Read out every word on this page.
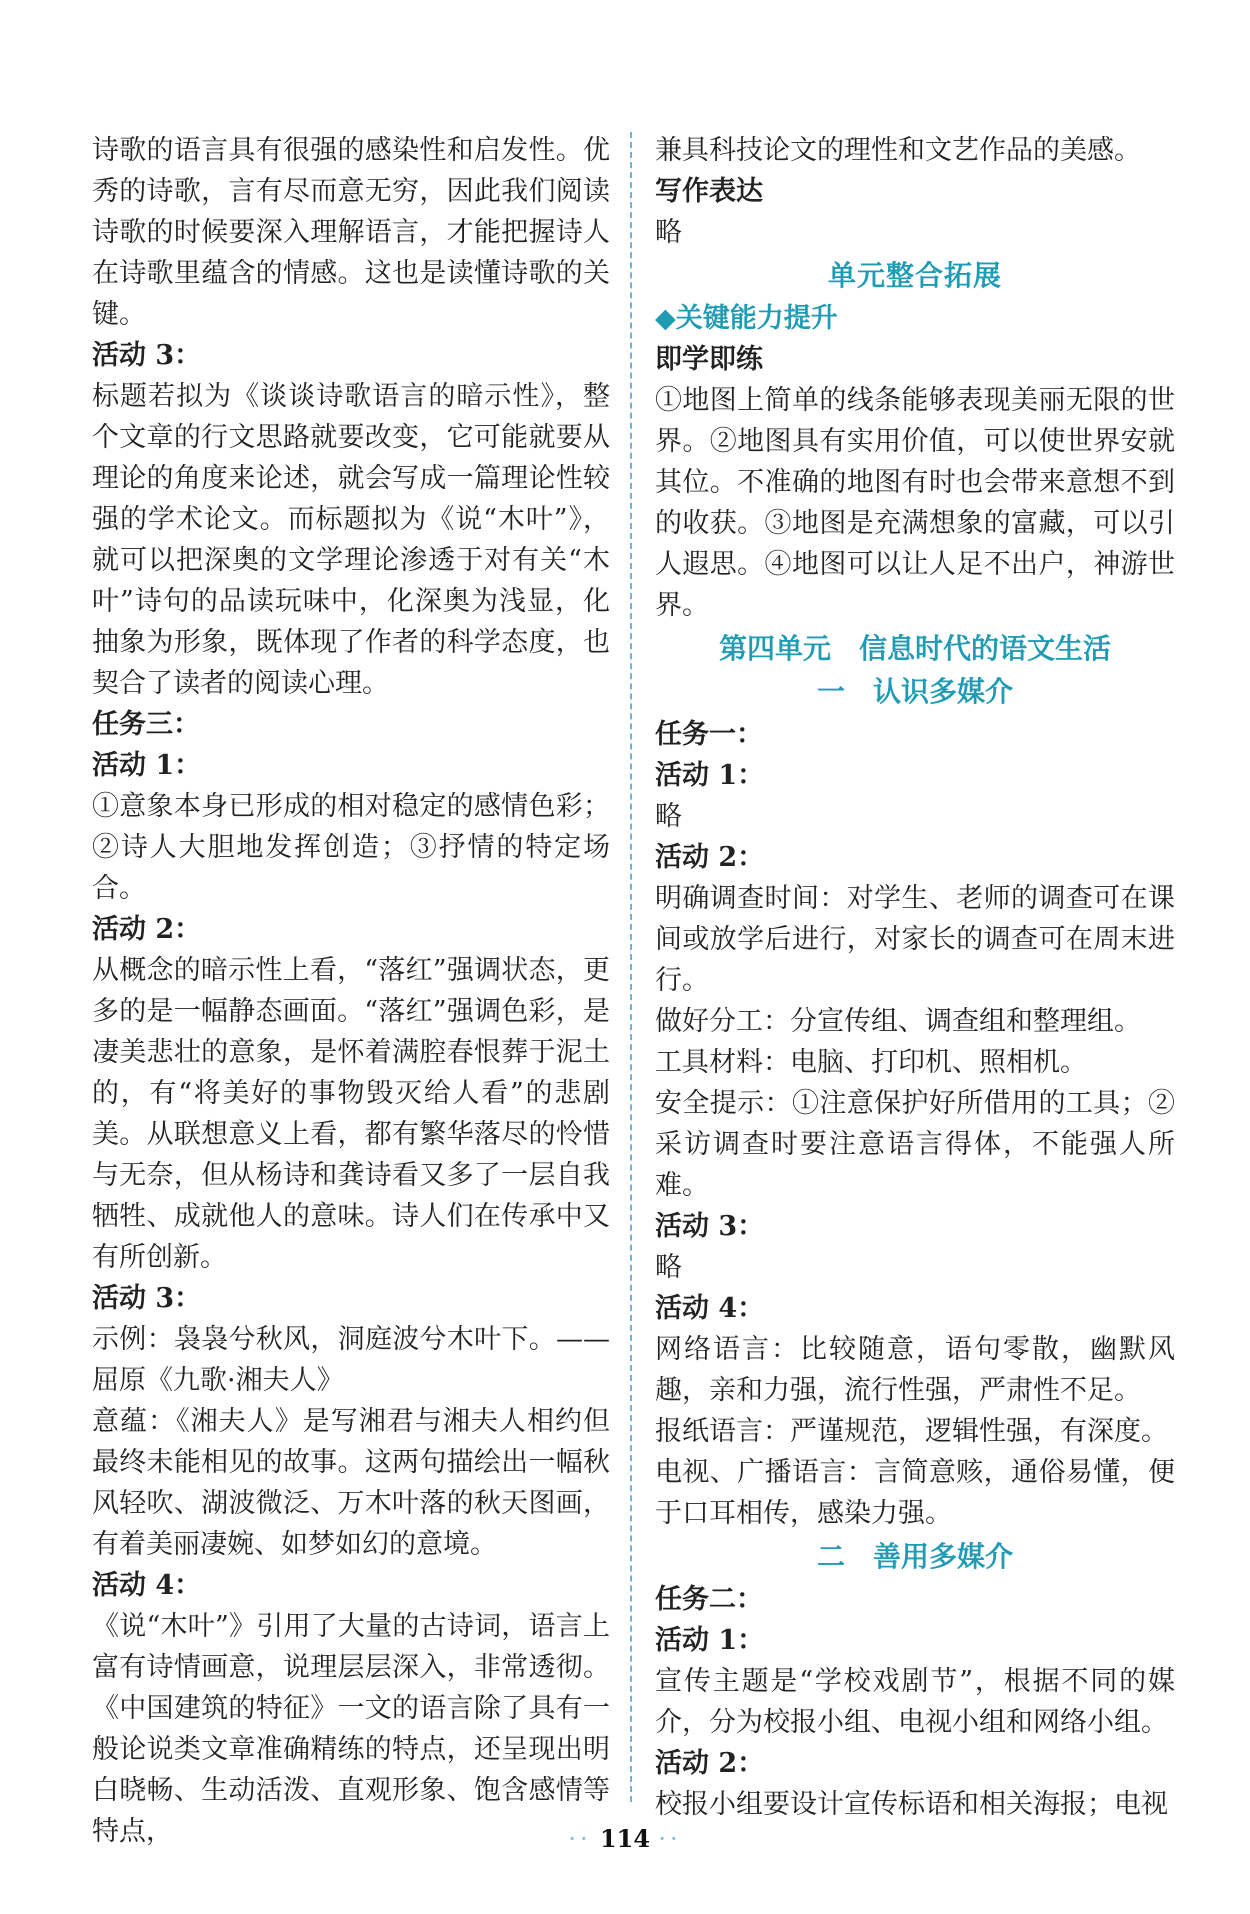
诗歌的语言具有很强的感染性和启发性。优秀的诗歌，言有尽而意无穷，因此我们阅读诗歌的时候要深入理解语言，才能把握诗人在诗歌里蕴含的情感。这也是读懂诗歌的关键。

活动 3：

标题若拟为《谈谈诗歌语言的暗示性》，整个文章的行文思路就要改变，它可能就要从理论的角度来论述，就会写成一篇理论性较强的学术论文。而标题拟为《说“木叶”》，就可以把深奥的文学理论渗透于对有关“木叶”诗句的品读玩味中，化深奥为浅显，化抽象为形象，既体现了作者的科学态度，也契合了读者的阅读心理。

任务三：

活动 1：

①意象本身已形成的相对稳定的感情色彩；②诗人大胆地发挥创造；③抒情的特定场合。

活动 2：

从概念的暗示性上看，“落红”强调状态，更多的是一幅静态画面。“落红”强调色彩，是凄美悲壮的意象，是怀着满腔春恨葬于泥土的，有“将美好的事物毁灭给人看”的悲剧美。从联想意义上看，都有繁华落尽的怜惜与无奈，但从杨诗和龚诗看又多了一层自我牺牲、成就他人的意味。诗人们在传承中又有所创新。

活动 3：

示例：袅袅兮秋风，洞庭波兮木叶下。——屈原《九歌·湘夫人》

意蕴：《湘夫人》是写湘君与湘夫人相约但最终未能相见的故事。这两句描绘出一幅秋风轻吹、湖波微泛、万木叶落的秋天图画，有着美丽凄婉、如梦如幻的意境。

活动 4：

《说“木叶”》引用了大量的古诗词，语言上富有诗情画意，说理层层深入，非常透彻。《中国建筑的特征》一文的语言除了具有一般论说类文章准确精练的特点，还呈现出明白晓畅、生动活泼、直观形象、饱含感情等特点，

兼具科技论文的理性和文艺作品的美感。

写作表达

略

单元整合拓展

◆关键能力提升

即学即练

①地图上简单的线条能够表现美丽无限的世界。②地图具有实用价值，可以使世界安就其位。不准确的地图有时也会带来意想不到的收获。③地图是充满想象的富藏，可以引人遐思。④地图可以让人足不出户，神游世界。

第四单元　信息时代的语文生活

一　认识多媒介

任务一：

活动 1：

略

活动 2：

明确调查时间：对学生、老师的调查可在课间或放学后进行，对家长的调查可在周末进行。

做好分工：分宣传组、调查组和整理组。

工具材料：电脑、打印机、照相机。

安全提示：①注意保护好所借用的工具；②采访调查时要注意语言得体，不能强人所难。

活动 3：

略

活动 4：

网络语言：比较随意，语句零散，幽默风趣，亲和力强，流行性强，严肃性不足。

报纸语言：严谨规范，逻辑性强，有深度。

电视、广播语言：言简意赅，通俗易懂，便于口耳相传，感染力强。

二　善用多媒介

任务二：

活动 1：

宣传主题是“学校戏剧节”，根据不同的媒介，分为校报小组、电视小组和网络小组。

活动 2：

校报小组要设计宣传标语和相关海报；电视

·· 114 ··
